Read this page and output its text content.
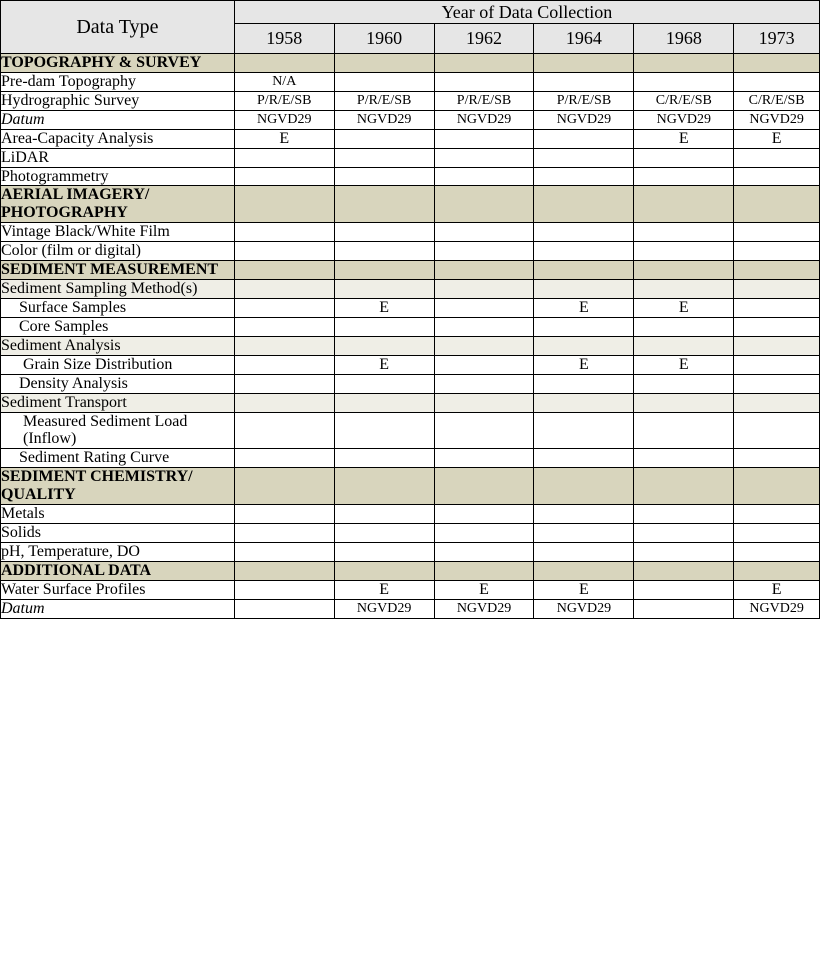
Data Type	Year of Data Collection					
	1958	1960	1962	1964	1968	1973
TOPOGRAPHY & SURVEY						
Pre-dam Topography	N/A					
Hydrographic Survey	P/R/E/SB	P/R/E/SB	P/R/E/SB	P/R/E/SB	C/R/E/SB	C/R/E/SB
Datum	NGVD29	NGVD29	NGVD29	NGVD29	NGVD29	NGVD29
Area-Capacity Analysis	E				E	E
LiDAR						
Photogrammetry						
AERIAL IMAGERY/ PHOTOGRAPHY						
Vintage Black/White Film						
Color (film or digital)						
SEDIMENT MEASUREMENT						
Sediment Sampling Method(s)						
Surface Samples		E		E	E	
Core Samples						
Sediment Analysis						
Grain Size Distribution		E		E	E	
Density Analysis						
Sediment Transport						
Measured Sediment Load (Inflow)						
Sediment Rating Curve						
SEDIMENT CHEMISTRY/ QUALITY						
Metals						
Solids						
pH, Temperature, DO						
ADDITIONAL DATA						
Water Surface Profiles		E	E	E		E
Datum		NGVD29	NGVD29	NGVD29		NGVD29
